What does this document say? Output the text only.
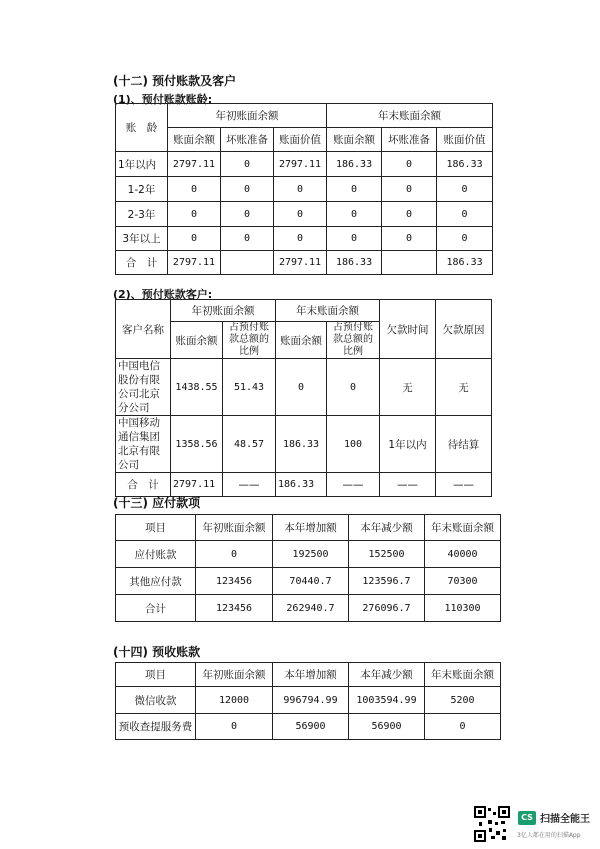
(十二) 预付账款及客户
(1)、预付账款账龄:
账　龄	年初账面余额			年末账面余额		
	账面余额	坏账准备	账面价值	账面余额	坏账准备	账面价值
1年以内	2797.11	0	2797.11	186.33	0	186.33
1-2年	0	0	0	0	0	0
2-3年	0	0	0	0	0	0
3年以上	0	0	0	0	0	0
合　计	2797.11		2797.11	186.33		186.33
(2)、预付账款客户:
客户名称	年初账面余额		年末账面余额		欠款时间	欠款原因
	账面余额	占预付账款总额的比例	账面余额	占预付账款总额的比例		
中国电信股份有限公司北京分公司	1438.55	51.43	0	0	无	无
中国移动通信集团北京有限公司	1358.56	48.57	186.33	100	1年以内	待结算
合　计	2797.11	——	186.33	——	——	——
(十三) 应付款项
项目	年初账面余额	本年增加额	本年减少额	年末账面余额
应付账款	0	192500	152500	40000
其他应付款	123456	70440.7	123596.7	70300
合计	123456	262940.7	276096.7	110300
(十四) 预收账款
项目	年初账面余额	本年增加额	本年减少额	年末账面余额
微信收款	12000	996794.99	1003594.99	5200
预收查提服务费	0	56900	56900	0
CS 扫描全能王
3亿人都在用的扫描App
